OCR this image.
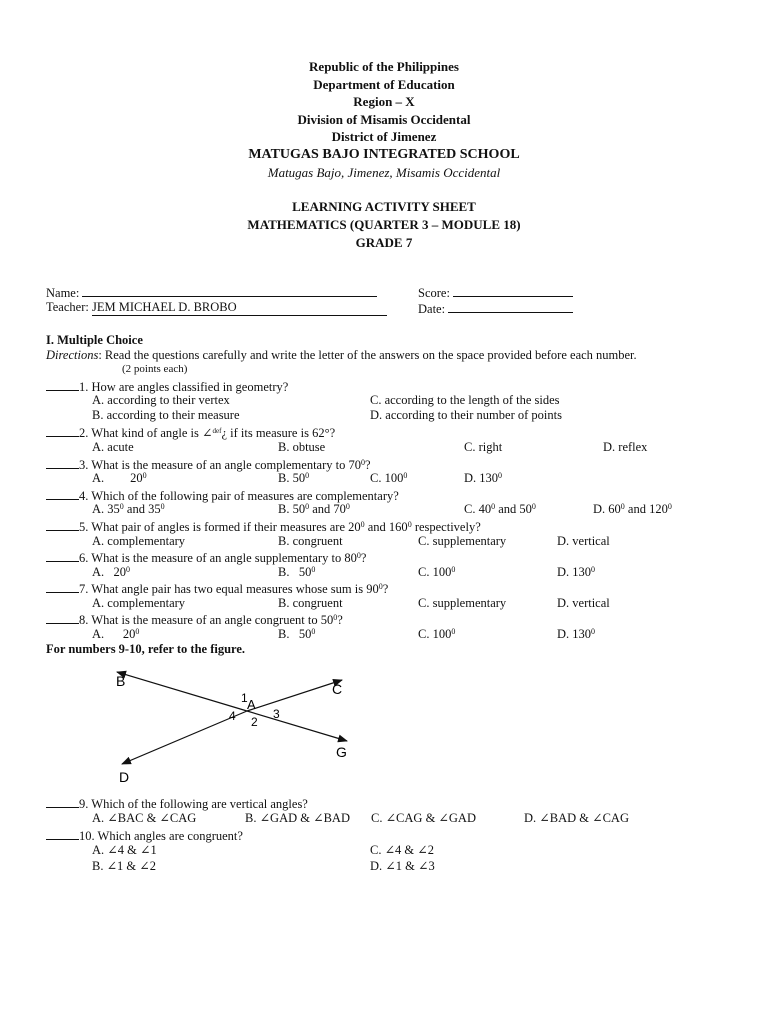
Republic of the Philippines
Department of Education
Region – X
Division of Misamis Occidental
District of Jimenez
MATUGAS BAJO INTEGRATED SCHOOL
Matugas Bajo, Jimenez, Misamis Occidental
LEARNING ACTIVITY SHEET
MATHEMATICS (QUARTER 3 – MODULE 18)
GRADE 7
Name:
Teacher: JEM MICHAEL D. BROBO
Score:
Date:
I. Multiple Choice
Directions: Read the questions carefully and write the letter of the answers on the space provided before each number.
(2 points each)
1. How are angles classified in geometry?
A. according to their vertex	C. according to the length of the sides
B. according to their measure	D. according to their number of points
2. What kind of angle is ∠$^{def}$¿ if its measure is 62°?
A. acute	B. obtuse	C. right	D. reflex
3. What is the measure of an angle complementary to $70^0$?
A. $20^0$	B. $50^0$	C. $100^0$	D. $130^0$
4. Which of the following pair of measures are complementary?
A. $35^0$ and $35^0$	B. $50^0$ and $70^0$	C. $40^0$ and $50^0$	D. $60^0$ and $120^0$
5. What pair of angles is formed if their measures are $20^0$ and $160^0$ respectively?
A. complementary	B. congruent	C. supplementary	D. vertical
6. What is the measure of an angle supplementary to $80^0$?
A. $20^0$	B. $50^0$	C. $100^0$	D. $130^0$
7. What angle pair has two equal measures whose sum is $90^0$?
A. complementary	B. congruent	C. supplementary	D. vertical
8. What is the measure of an angle congruent to $50^0$?
A. $20^0$	B. $50^0$	C. $100^0$	D. $130^0$
For numbers 9-10, refer to the figure.
B	C
D
G
A
1
2
3
4
9. Which of the following are vertical angles?
A. ∠BAC & ∠CAG	B. ∠GAD & ∠BAD C. ∠CAG & ∠GAD	D. ∠BAD & ∠CAG
10. Which angles are congruent?
A. ∠4 & ∠1	C. ∠4 & ∠2
B. ∠1 & ∠2	D. ∠1 & ∠3
